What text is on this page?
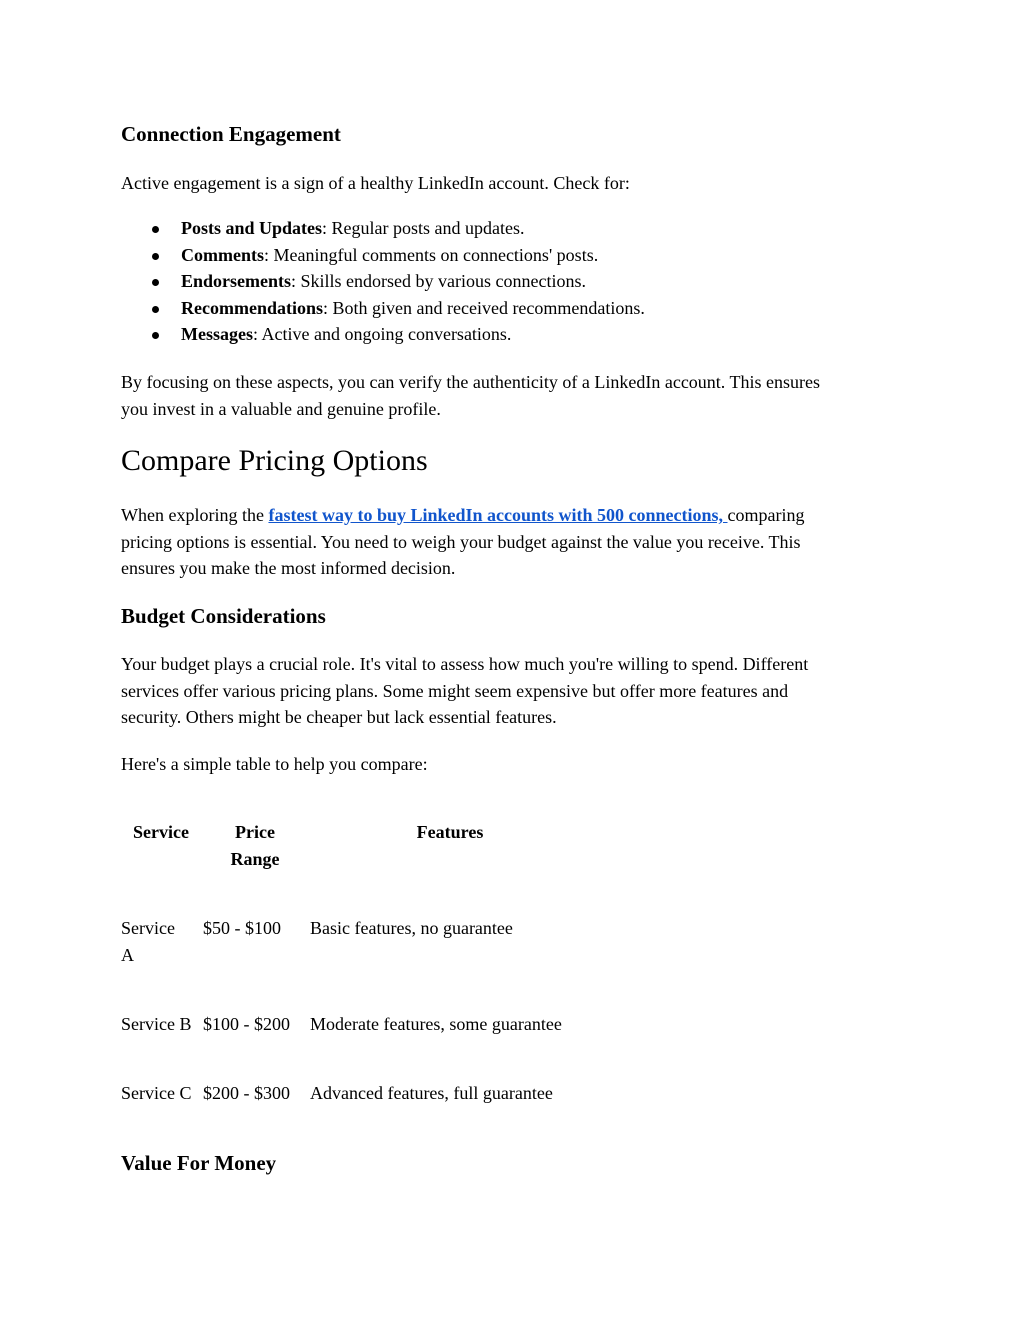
Connection Engagement

Active engagement is a sign of a healthy LinkedIn account. Check for:

Posts and Updates: Regular posts and updates.
Comments: Meaningful comments on connections' posts.
Endorsements: Skills endorsed by various connections.
Recommendations: Both given and received recommendations.
Messages: Active and ongoing conversations.

By focusing on these aspects, you can verify the authenticity of a LinkedIn account. This ensures
you invest in a valuable and genuine profile.

Compare Pricing Options

When exploring the fastest way to buy LinkedIn accounts with 500 connections, comparing
pricing options is essential. You need to weigh your budget against the value you receive. This
ensures you make the most informed decision.

Budget Considerations

Your budget plays a crucial role. It's vital to assess how much you're willing to spend. Different
services offer various pricing plans. Some might seem expensive but offer more features and
security. Others might be cheaper but lack essential features.

Here's a simple table to help you compare:

Service	Price
Range
Features
Service
A
$50 - $100 Basic features, no guarantee
Service B $100 - $200 Moderate features, some guarantee
Service C $200 - $300 Advanced features, full guarantee
Value For Money
